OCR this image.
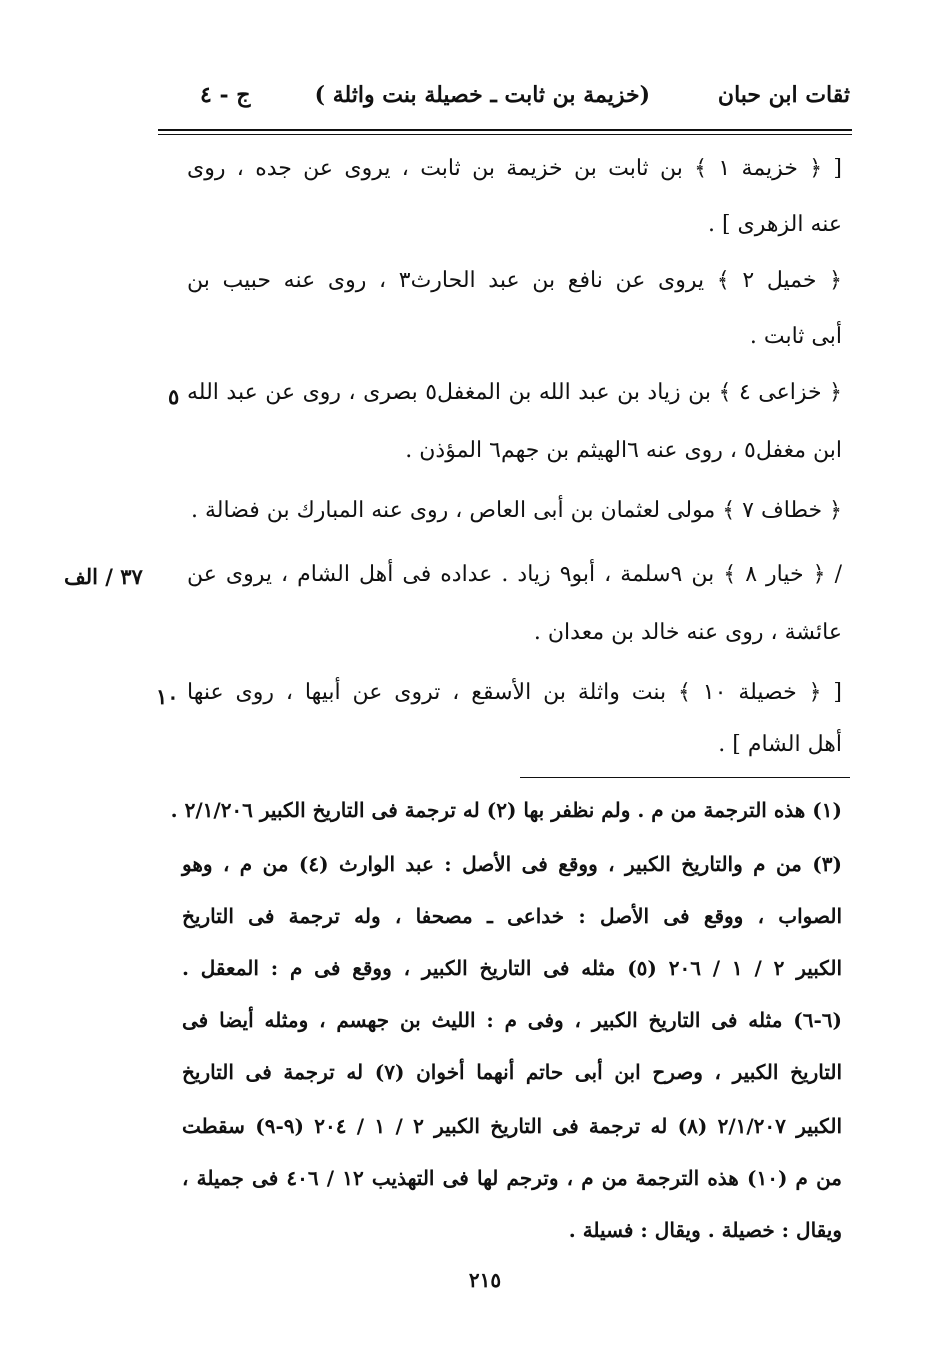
ثقات ابن حبان
(خزيمة بن ثابت ـ خصيلة بنت واثلة )
ج - ٤
[ ﴿ خزيمة ١ ﴾ بن ثابت بن خزيمة بن ثابت ، يروى عن جده ، روى
عنه الزهرى ] .
﴿ خميل ٢ ﴾ يروى عن نافع بن عبد الحارث٣ ، روى عنه حبيب بن
أبى ثابت .
﴿ خزاعى ٤ ﴾ بن زياد بن عبد الله بن المغفل٥ بصرى ، روى عن عبد الله
ابن مغفل٥ ، روى عنه ٦الهيثم بن جهم٦ المؤذن .
﴿ خطاف ٧ ﴾ مولى لعثمان بن أبى العاص ، روى عنه المبارك بن فضالة .
/ ﴿ خيار ٨ ﴾ بن ٩سلمة ، أبو٩ زياد . عداده فى أهل الشام ، يروى عن
عائشة ، روى عنه خالد بن معدان .
[ ﴿ خصيلة ١٠ ﴾ بنت واثلة بن الأسقع ، تروى عن أبيها ، روى عنها
أهل الشام ] .
٥
٣٧ / الف
١٠
(١) هذه الترجمة من م . ولم نظفر بها (٢) له ترجمة فى التاريخ الكبير ٢/١/٢٠٦ .
(٣) من م والتاريخ الكبير ، ووقع فى الأصل : عبد الوارث (٤) من م ، وهو
الصواب ، ووقع فى الأصل : خداعى ـ مصحفا ، وله ترجمة فى التاريخ
الكبير ٢ / ١ / ٢٠٦ (٥) مثله فى التاريخ الكبير ، ووقع فى م : المعقل .
(٦-٦) مثله فى التاريخ الكبير ، وفى م : الليث بن جهسم ، ومثله أيضا فى
التاريخ الكبير ، وصرح ابن أبى حاتم أنهما أخوان (٧) له ترجمة فى التاريخ
الكبير ٢/١/٢٠٧ (٨) له ترجمة فى التاريخ الكبير ٢ / ١ / ٢٠٤ (٩-٩) سقطت
من م (١٠) هذه الترجمة من م ، وترجم لها فى التهذيب ١٢ / ٤٠٦ فى جميلة ،
ويقال : خصيلة . ويقال : فسيلة .
٢١٥
